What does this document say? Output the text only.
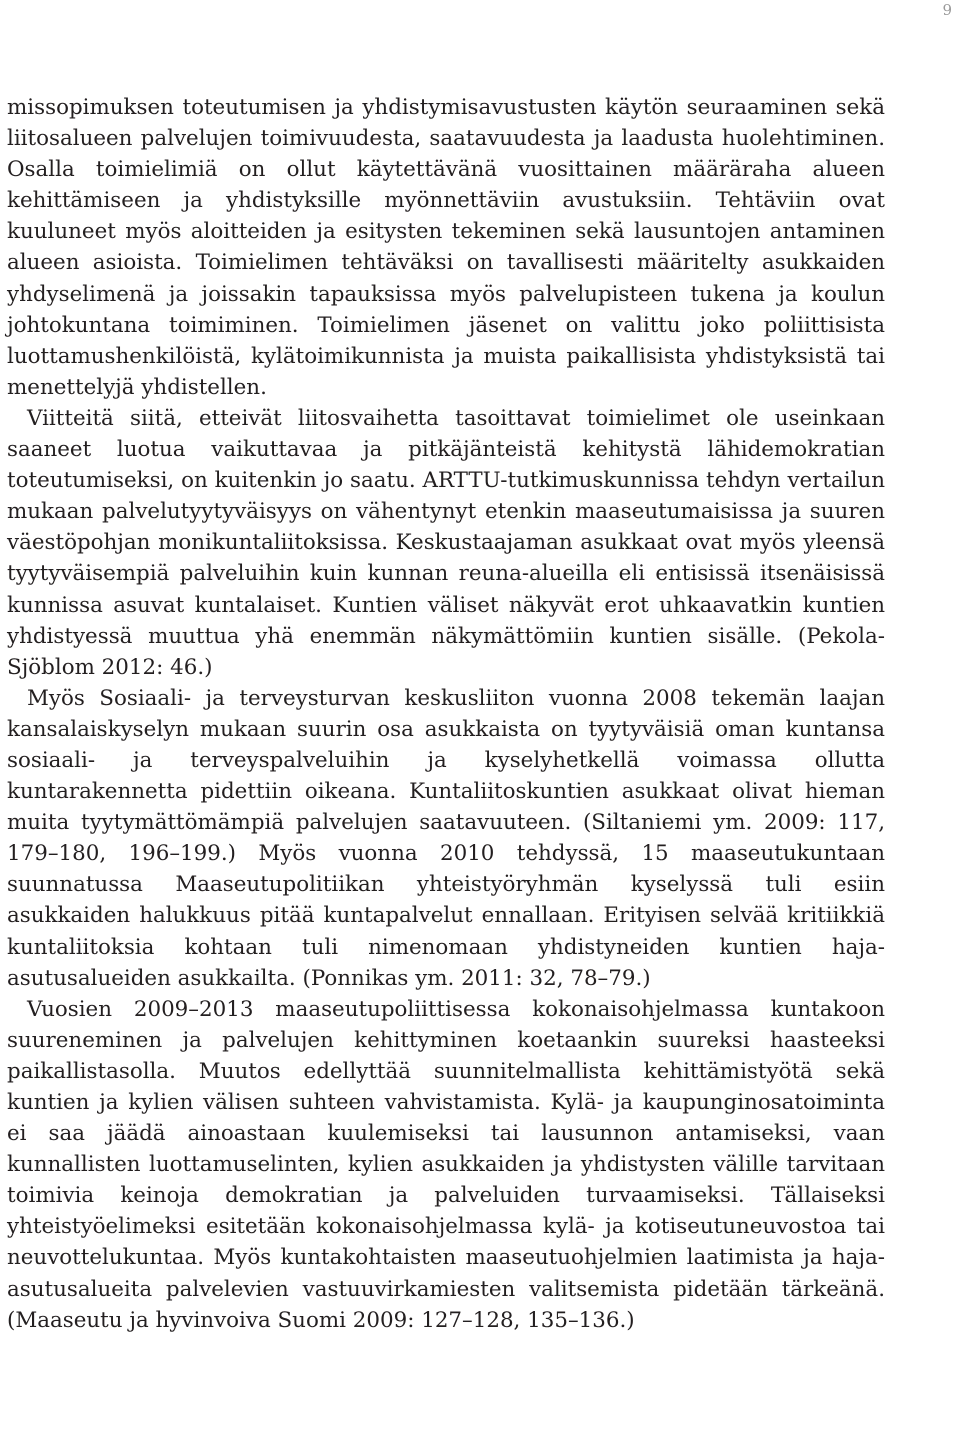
9

missopimuksen toteutumisen ja yhdistymisavustusten käytön seuraaminen sekä liitosalueen palvelujen toimivuudesta, saatavuudesta ja laadusta huolehtiminen. Osalla toimielimiä on ollut käytettävänä vuosittainen määräraha alueen kehittämiseen ja yhdistyksille myönnettäviin avustuksiin. Tehtäviin ovat kuuluneet myös aloitteiden ja esitysten tekeminen sekä lausuntojen antaminen alueen asioista. Toimielimen tehtäväksi on tavallisesti määritelty asukkaiden yhdyselimenä ja joissakin tapauksissa myös palvelupisteen tukena ja koulun johtokuntana toimiminen. Toimielimen jäsenet on valittu joko poliittisista luottamushenkilöistä, kylätoimikunnista ja muista paikallisista yhdistyksistä tai menettelyjä yhdistellen.

Viitteitä siitä, etteivät liitosvaihetta tasoittavat toimielimet ole useinkaan saaneet luotua vaikuttavaa ja pitkäjänteistä kehitystä lähidemokratian toteutumiseksi, on kuitenkin jo saatu. ARTTU-tutkimuskunnissa tehdyn vertailun mukaan palvelutyytyväisyys on vähentynyt etenkin maaseutumaisissa ja suuren väestöpohjan monikuntaliitoksissa. Keskustaajaman asukkaat ovat myös yleensä tyytyväisempiä palveluihin kuin kunnan reuna-alueilla eli entisissä itsenäisissä kunnissa asuvat kuntalaiset. Kuntien väliset näkyvät erot uhkaavatkin kuntien yhdistyessä muuttua yhä enemmän näkymättömiin kuntien sisälle. (Pekola-Sjöblom 2012: 46.)

Myös Sosiaali- ja terveysturvan keskusliiton vuonna 2008 tekemän laajan kansalaiskyselyn mukaan suurin osa asukkaista on tyytyväisiä oman kuntansa sosiaali- ja terveyspalveluihin ja kyselyhetkellä voimassa ollutta kuntarakennetta pidettiin oikeana. Kuntaliitoskuntien asukkaat olivat hieman muita tyytymättömämpiä palvelujen saatavuuteen. (Siltaniemi ym. 2009: 117, 179–180, 196–199.) Myös vuonna 2010 tehdyssä, 15 maaseutukuntaan suunnatussa Maaseutupolitiikan yhteistyöryhmän kyselyssä tuli esiin asukkaiden halukkuus pitää kuntapalvelut ennallaan. Erityisen selvää kritiikkiä kuntaliitoksia kohtaan tuli nimenomaan yhdistyneiden kuntien haja-asutusalueiden asukkailta. (Ponnikas ym. 2011: 32, 78–79.)

Vuosien 2009–2013 maaseutupoliittisessa kokonaisohjelmassa kuntakoon suureneminen ja palvelujen kehittyminen koetaankin suureksi haasteeksi paikallistasolla. Muutos edellyttää suunnitelmallista kehittämistyötä sekä kuntien ja kylien välisen suhteen vahvistamista. Kylä- ja kaupunginosatoiminta ei saa jäädä ainoastaan kuulemiseksi tai lausunnon antamiseksi, vaan kunnallisten luottamuselinten, kylien asukkaiden ja yhdistysten välille tarvitaan toimivia keinoja demokratian ja palveluiden turvaamiseksi. Tällaiseksi yhteistyöelimeksi esitetään kokonaisohjelmassa kylä- ja kotiseutuneuvostoa tai neuvottelukuntaa. Myös kuntakohtaisten maaseutuohjelmien laatimista ja haja-asutusalueita palvelevien vastuuvirkamiesten valitsemista pidetään tärkeänä. (Maaseutu ja hyvinvoiva Suomi 2009: 127–128, 135–136.)
